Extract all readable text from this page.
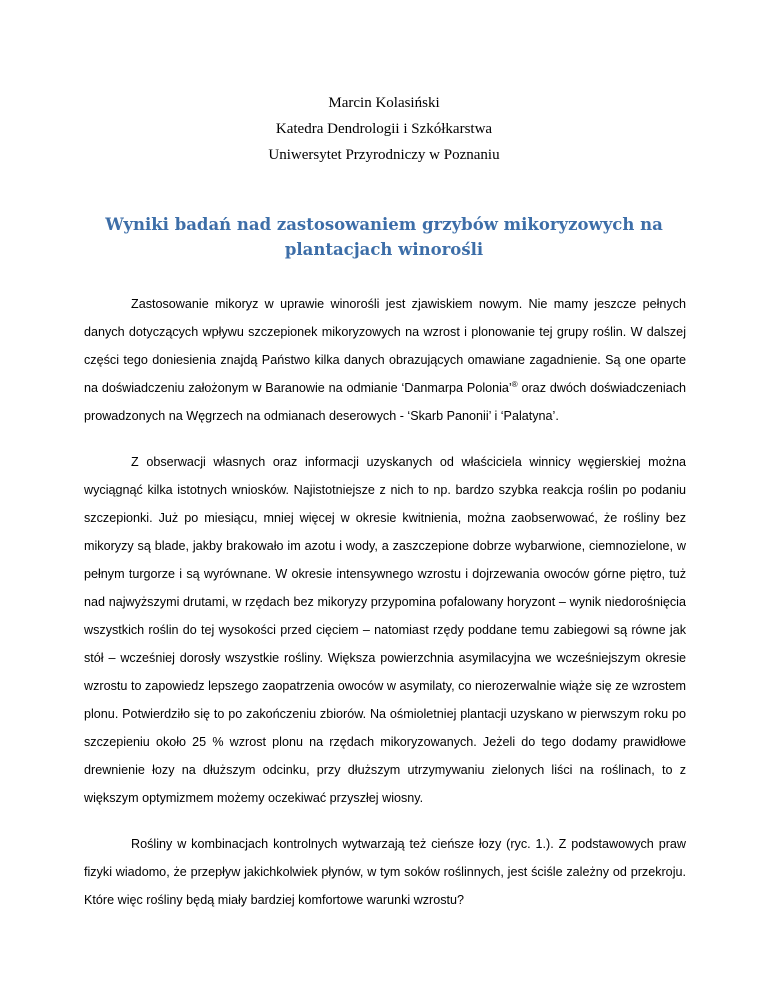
Marcin Kolasiński
Katedra Dendrologii i Szkółkarstwa
Uniwersytet Przyrodniczy w Poznaniu
Wyniki badań nad zastosowaniem grzybów mikoryzowych na
plantacjach winorośli

Zastosowanie mikoryz w uprawie winorośli jest zjawiskiem nowym. Nie mamy jeszcze pełnych danych dotyczących wpływu szczepionek mikoryzowych na wzrost i plonowanie tej grupy roślin. W dalszej części tego doniesienia znajdą Państwo kilka danych obrazujących omawiane zagadnienie. Są one oparte na doświadczeniu założonym w Baranowie na odmianie ‘Danmarpa Polonia’® oraz dwóch doświadczeniach prowadzonych na Węgrzech na odmianach deserowych - ‘Skarb Panonii’ i ‘Palatyna’.

Z obserwacji własnych oraz informacji uzyskanych od właściciela winnicy węgierskiej można wyciągnąć kilka istotnych wniosków. Najistotniejsze z nich to np. bardzo szybka reakcja roślin po podaniu szczepionki. Już po miesiącu, mniej więcej w okresie kwitnienia, można zaobserwować, że rośliny bez mikoryzy są blade, jakby brakowało im azotu i wody, a zaszczepione dobrze wybarwione, ciemnozielone, w pełnym turgorze i są wyrównane. W okresie intensywnego wzrostu i dojrzewania owoców górne piętro, tuż nad najwyższymi drutami, w rzędach bez mikoryzy przypomina pofalowany horyzont – wynik niedorośnięcia wszystkich roślin do tej wysokości przed cięciem – natomiast rzędy poddane temu zabiegowi są równe jak stół – wcześniej dorosły wszystkie rośliny. Większa powierzchnia asymilacyjna we wcześniejszym okresie wzrostu to zapowiedz lepszego zaopatrzenia owoców w asymilaty, co nierozerwalnie wiąże się ze wzrostem plonu. Potwierdziło się to po zakończeniu zbiorów. Na ośmioletniej plantacji uzyskano w pierwszym roku po szczepieniu około 25 % wzrost plonu na rzędach mikoryzowanych. Jeżeli do tego dodamy prawidłowe drewnienie łozy na dłuższym odcinku, przy dłuższym utrzymywaniu zielonych liści na roślinach, to z większym optymizmem możemy oczekiwać przyszłej wiosny.

Rośliny w kombinacjach kontrolnych wytwarzają też cieńsze łozy (ryc. 1.). Z podstawowych praw fizyki wiadomo, że przepływ jakichkolwiek płynów, w tym soków roślinnych, jest ściśle zależny od przekroju. Które więc rośliny będą miały bardziej komfortowe warunki wzrostu?
